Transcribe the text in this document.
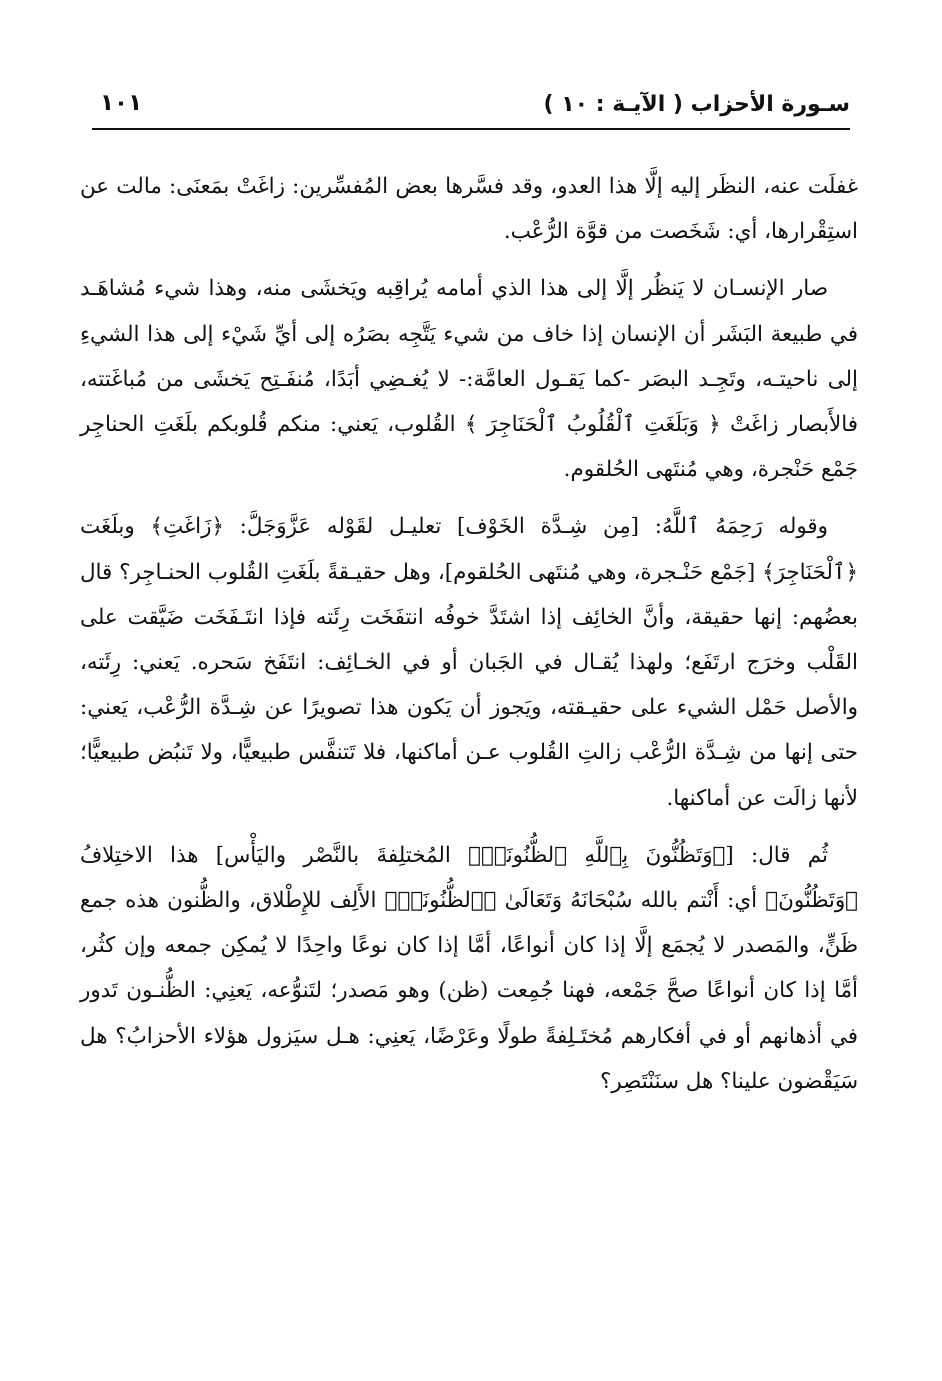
سـورة الأحزاب ( الآيـة : ١٠ )
١٠١

غفلَت عنه، النظَر إليه إلَّا هذا العدو، وقد فسَّرها بعض المُفسِّرين: زاغَتْ بمَعنَى: مالت عن استِقْرارها، أي: شَخَصت من قوَّة الرُّعْب.

صار الإنسـان لا يَنظُر إلَّا إلى هذا الذي أمامه يُراقِبه ويَخشَى منه، وهذا شيء مُشاهَـد في طبيعة البَشَر أن الإنسان إذا خاف من شيء يَتَّجِه بصَرُه إلى أيِّ شَيْء إلى هذا الشيءِ إلى ناحيتـه، وتَجِـد البصَر -كما يَقـول العامَّة:- لا يُغـضِي أبَدًا، مُنفَـتِح يَخشَى من مُباغَتته، فالأَبصار زاغَتْ ﴿ وَبَلَغَتِ ٱلْقُلُوبُ ٱلْحَنَاجِرَ ﴾ القُلوب، يَعني: منكم قُلوبكم بلَغَتِ الحناجِر جَمْع حَنْجرة، وهي مُنتَهى الحُلقوم.

وقوله رَحِمَهُ ٱللَّهُ: [مِن شِـدَّة الخَوْف] تعليـل لقَوْله عَزَّوَجَلَّ: ﴿زَاغَتِ﴾ وبلَغَت ﴿ٱلْحَنَاجِرَ﴾ [جَمْع حَنْـجرة، وهي مُنتَهى الحُلقوم]، وهل حقيـقةً بلَغَتِ القُلوب الحنـاجِر؟ قال بعضُهم: إنها حقيقة، وأنَّ الخائِف إذا اشتَدَّ خوفُه انتفَخَت رِئَته فإذا انتَـفَخَت ضَيَّقت على القَلْب وخرَج ارتَفَع؛ ولهذا يُقـال في الجَبان أو في الخـائِف: انتَفَخ سَحره. يَعني: رِئَته، والأصل حَمْل الشيء على حقيـقته، ويَجوز أن يَكون هذا تصويرًا عن شِـدَّة الرُّعْب، يَعني: حتى إنها من شِـدَّة الرُّعْب زالتِ القُلوب عـن أماكنها، فلا تَتنفَّس طبيعيًّا، ولا تَنبُض طبيعيًّا؛ لأنها زالَت عن أماكنها.

ثُم قال: [﴿وَتَظُنُّونَ بِٱللَّهِ ٱلظُّنُونَا۠﴾ المُختلِفةَ بالنَّصْر واليَأْس] هذا الاختِلافُ ﴿وَتَظُنُّونَ﴾ أي: أَنْتم بالله سُبْحَانَهُ وَتَعَالَىٰ ﴿ٱلظُّنُونَا۠﴾ الأَلِف للإِطْلاق، والظُّنون هذه جمع ظَنٍّ، والمَصدر لا يُجمَع إلَّا إذا كان أنواعًا، أمَّا إذا كان نوعًا واحِدًا لا يُمكِن جمعه وإن كثُر، أمَّا إذا كان أنواعًا صحَّ جَمْعه، فهنا جُمِعت (ظن) وهو مَصدر؛ لتَنوُّعه، يَعنِي: الظُّنـون تَدور في أذهانهم أو في أفكارهم مُختَـلِفةً طولًا وعَرْضًا، يَعنِي: هـل سيَزول هؤلاء الأحزابُ؟ هل سَيَقْضون علينا؟ هل سنَنْتَصِر؟
